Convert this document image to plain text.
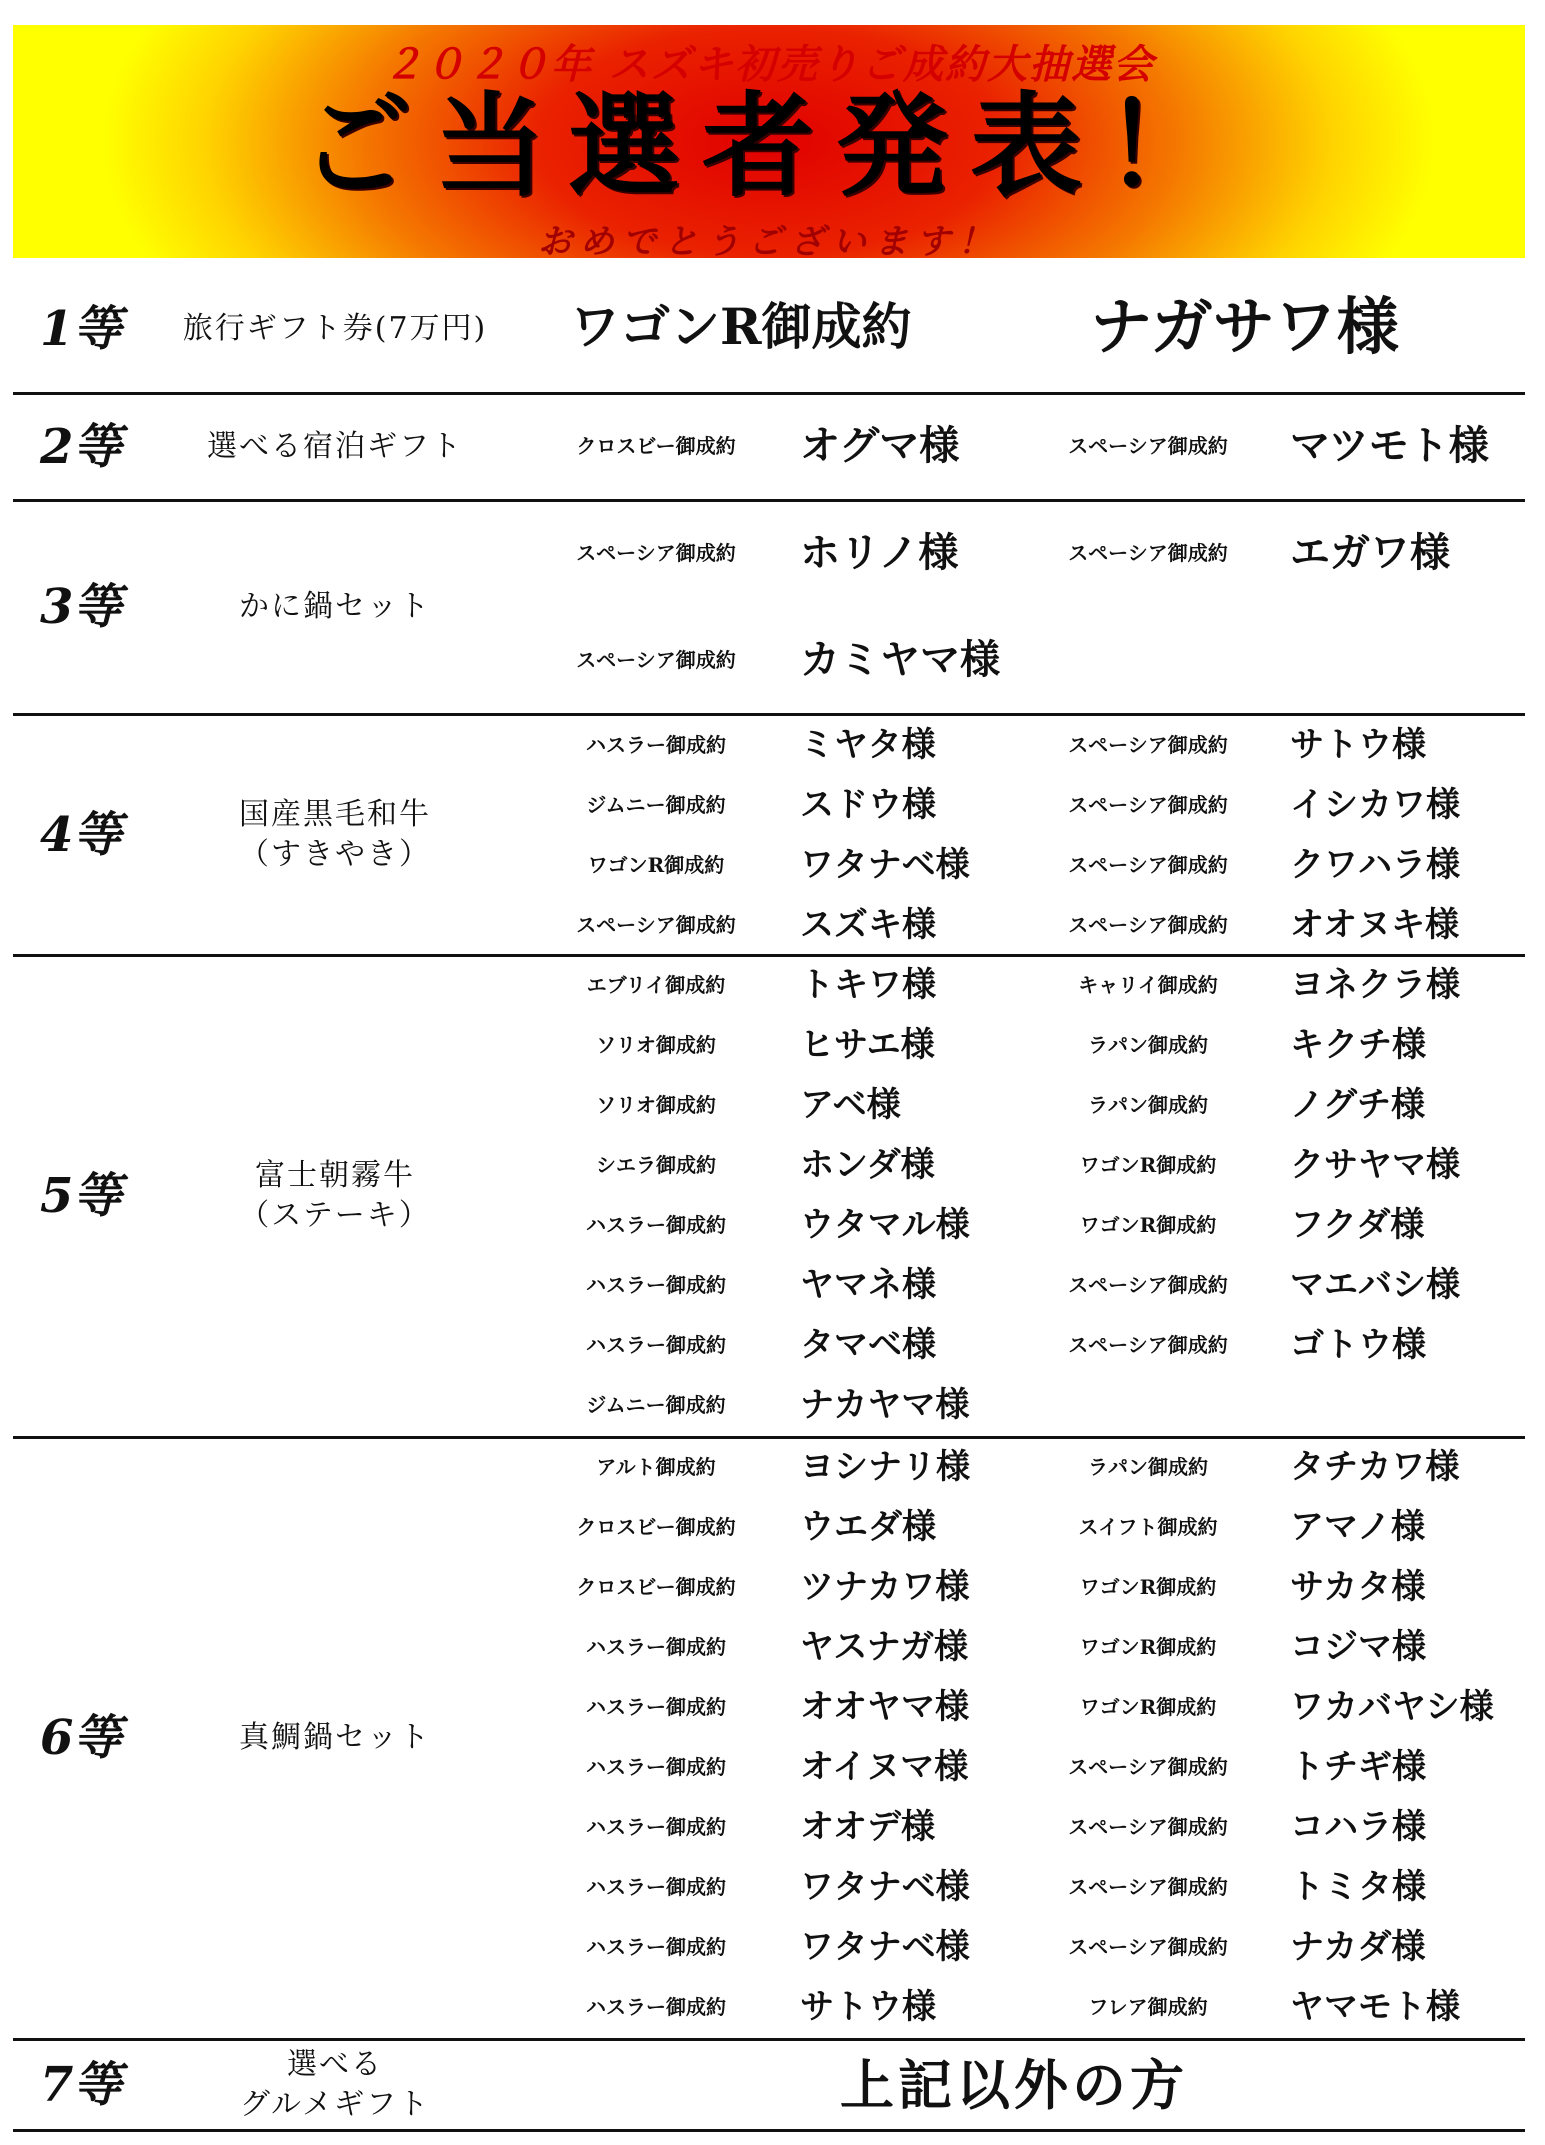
２０２０年 スズキ初売りご成約大抽選会
ご当選者発表！
おめでとうございます！
1等 旅行ギフト券(7万円) ワゴンR御成約	ナガサワ様
2等	選べる宿泊ギフト	クロスビー御成約	オグマ様	スペーシア御成約	マツモト様
3等	かに鍋セット
スペーシア御成約	ホリノ様	スペーシア御成約	エガワ様
スペーシア御成約	カミヤマ様
4等	国産黒毛和牛
（すきやき）
ハスラー御成約	ミヤタ様	スペーシア御成約	サトウ様
ジムニー御成約	スドウ様	スペーシア御成約	イシカワ様
ワゴンR御成約	ワタナベ様	スペーシア御成約	クワハラ様
スペーシア御成約	スズキ様	スペーシア御成約	オオヌキ様
5等	富士朝霧牛
（ステーキ）
エブリイ御成約	トキワ様	キャリイ御成約	ヨネクラ様
ソリオ御成約	ヒサエ様	ラパン御成約	キクチ様
ソリオ御成約	アベ様	ラパン御成約	ノグチ様
シエラ御成約	ホンダ様	ワゴンR御成約	クサヤマ様
ハスラー御成約	ウタマル様	ワゴンR御成約	フクダ様
ハスラー御成約	ヤマネ様	スペーシア御成約	マエバシ様
ハスラー御成約	タマベ様	スペーシア御成約	ゴトウ様
ジムニー御成約	ナカヤマ様
6等	真鯛鍋セット
アルト御成約	ヨシナリ様	ラパン御成約	タチカワ様
クロスビー御成約	ウエダ様	スイフト御成約	アマノ様
クロスビー御成約	ツナカワ様	ワゴンR御成約	サカタ様
ハスラー御成約	ヤスナガ様	ワゴンR御成約	コジマ様
ハスラー御成約	オオヤマ様	ワゴンR御成約	ワカバヤシ様
ハスラー御成約	オイヌマ様	スペーシア御成約	トチギ様
ハスラー御成約	オオデ様	スペーシア御成約	コハラ様
ハスラー御成約	ワタナベ様	スペーシア御成約	トミタ様
ハスラー御成約	ワタナベ様	スペーシア御成約	ナカダ様
ハスラー御成約	サトウ様	フレア御成約	ヤマモト様
7等	選べる
グルメギフト	上記以外の方
